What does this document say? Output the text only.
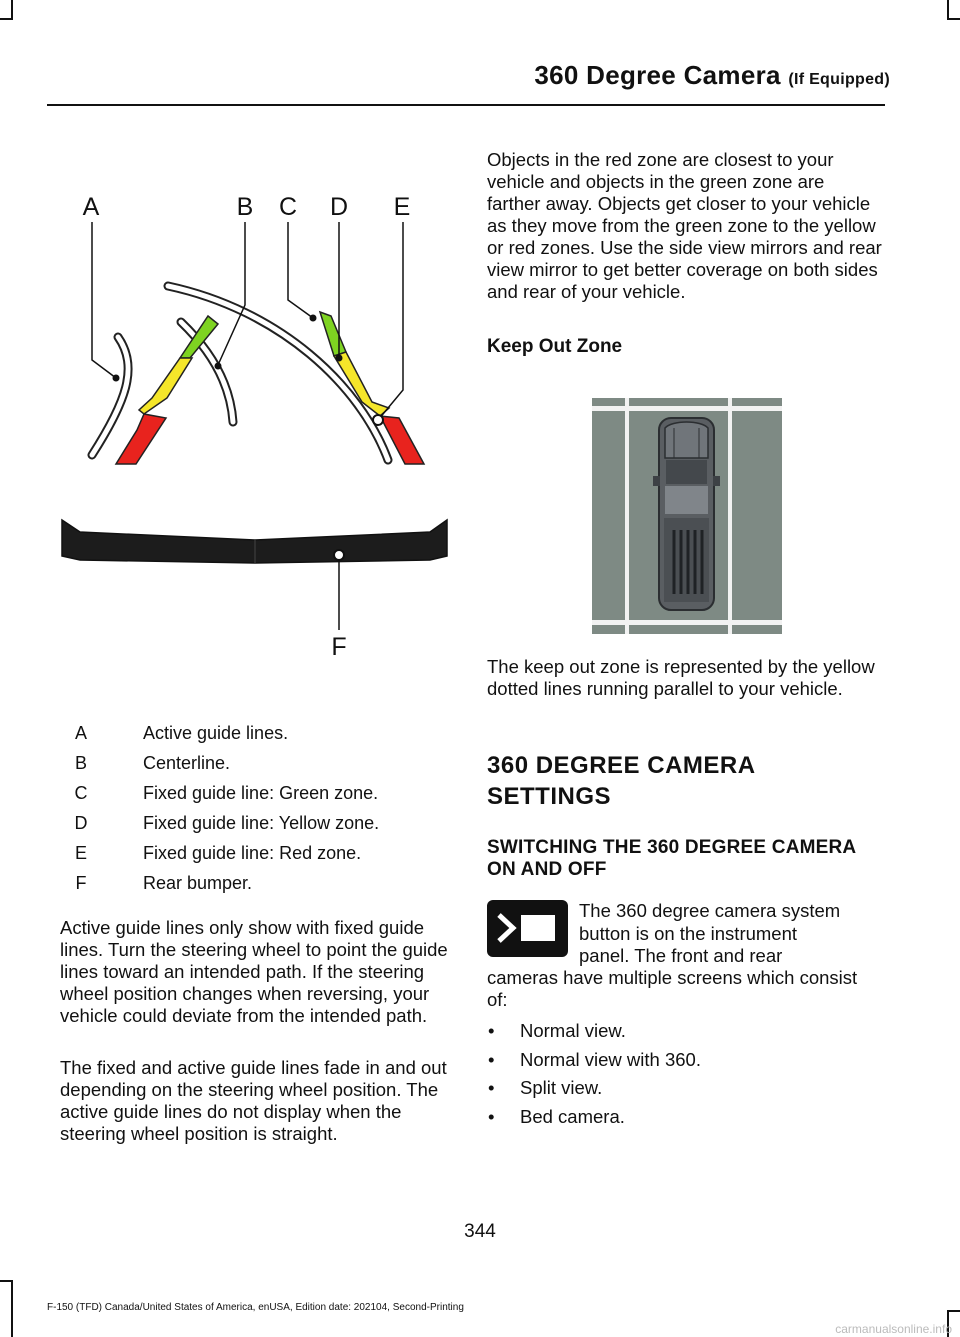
360 Degree Camera (If Equipped)
A	B C D E
F
A	Active guide lines.
B	Centerline.
C	Fixed guide line: Green zone.
D	Fixed guide line: Yellow zone.
E	Fixed guide line: Red zone.
F	Rear bumper.

Active guide lines only show with fixed guide lines. Turn the steering wheel to point the guide lines toward an intended path. If the steering wheel position changes when reversing, your vehicle could deviate from the intended path.

The fixed and active guide lines fade in and out depending on the steering wheel position. The active guide lines do not display when the steering wheel position is straight.

Objects in the red zone are closest to your vehicle and objects in the green zone are farther away. Objects get closer to your vehicle as they move from the green zone to the yellow or red zones. Use the side view mirrors and rear view mirror to get better coverage on both sides and rear of your vehicle.

Keep Out Zone

The keep out zone is represented by the yellow dotted lines running parallel to your vehicle.

360 DEGREE CAMERA SETTINGS
SWITCHING THE 360 DEGREE CAMERA ON AND OFF
The 360 degree camera system
button is on the instrument
panel. The front and rear

cameras have multiple screens which consist of:

• Normal view.
• Normal view with 360.
• Split view.
• Bed camera.
344
F-150 (TFD) Canada/United States of America, enUSA, Edition date: 202104, Second-Printing
carmanualsonline.info
